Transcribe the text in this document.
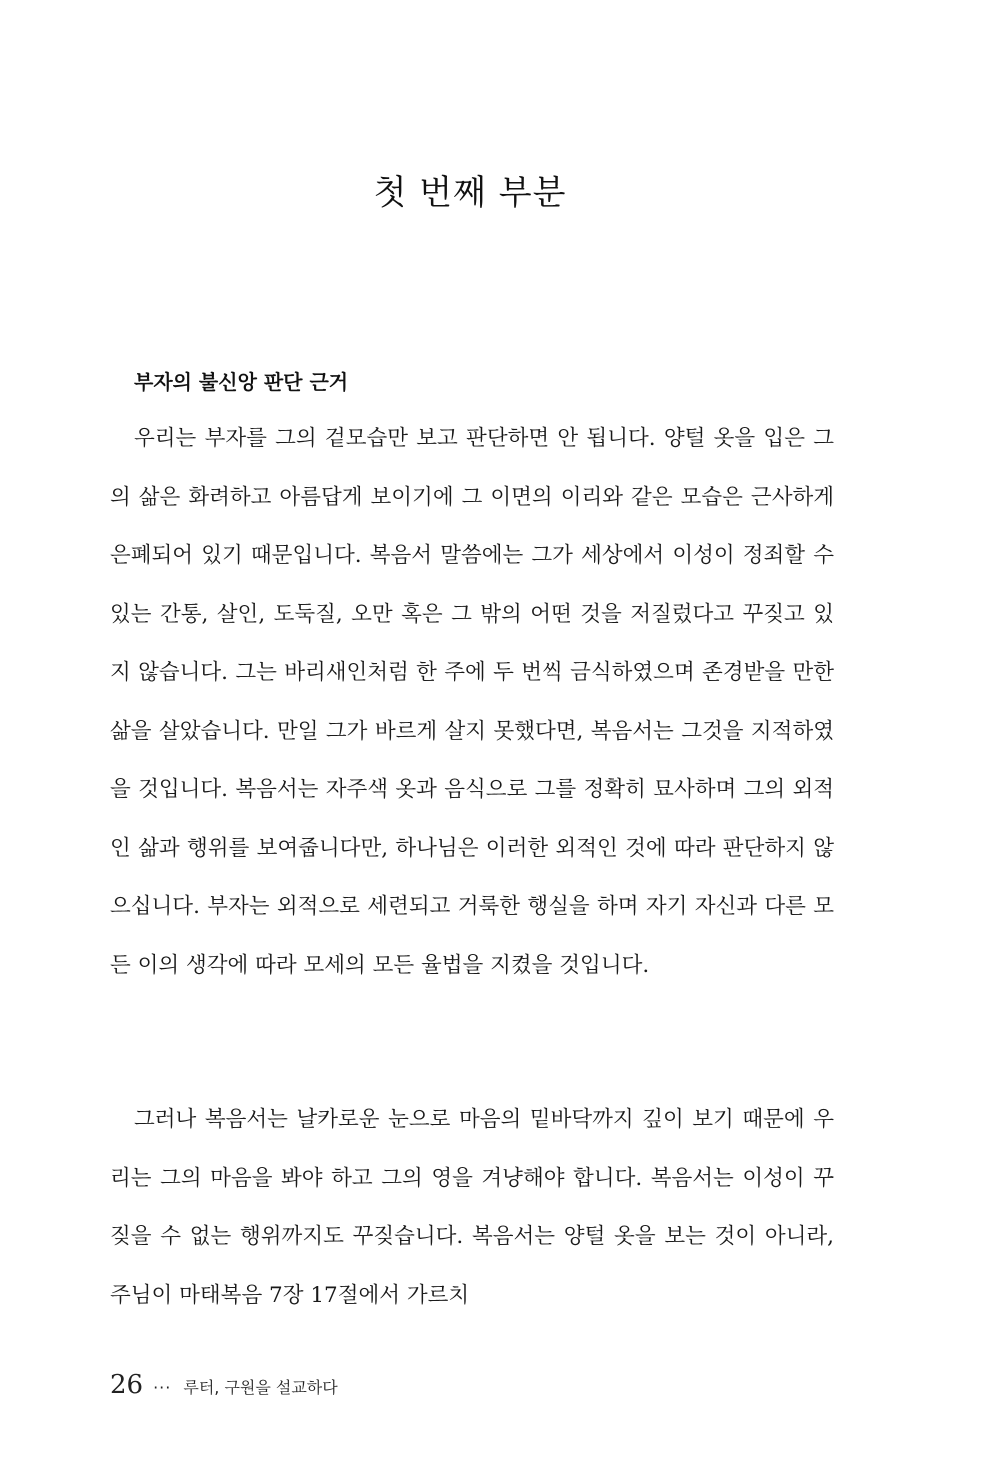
첫 번째 부분
부자의 불신앙 판단 근거

우리는 부자를 그의 겉모습만 보고 판단하면 안 됩니다. 양털 옷을 입은 그의 삶은 화려하고 아름답게 보이기에 그 이면의 이리와 같은 모습은 근사하게 은폐되어 있기 때문입니다. 복음서 말씀에는 그가 세상에서 이성이 정죄할 수 있는 간통, 살인, 도둑질, 오만 혹은 그 밖의 어떤 것을 저질렀다고 꾸짖고 있지 않습니다. 그는 바리새인처럼 한 주에 두 번씩 금식하였으며 존경받을 만한 삶을 살았습니다. 만일 그가 바르게 살지 못했다면, 복음서는 그것을 지적하였을 것입니다. 복음서는 자주색 옷과 음식으로 그를 정확히 묘사하며 그의 외적인 삶과 행위를 보여줍니다만, 하나님은 이러한 외적인 것에 따라 판단하지 않으십니다. 부자는 외적으로 세련되고 거룩한 행실을 하며 자기 자신과 다른 모든 이의 생각에 따라 모세의 모든 율법을 지켰을 것입니다.

그러나 복음서는 날카로운 눈으로 마음의 밑바닥까지 깊이 보기 때문에 우리는 그의 마음을 봐야 하고 그의 영을 겨냥해야 합니다. 복음서는 이성이 꾸짖을 수 없는 행위까지도 꾸짖습니다. 복음서는 양털 옷을 보는 것이 아니라, 주님이 마태복음 7장 17절에서 가르치

26 ··· 루터, 구원을 설교하다
